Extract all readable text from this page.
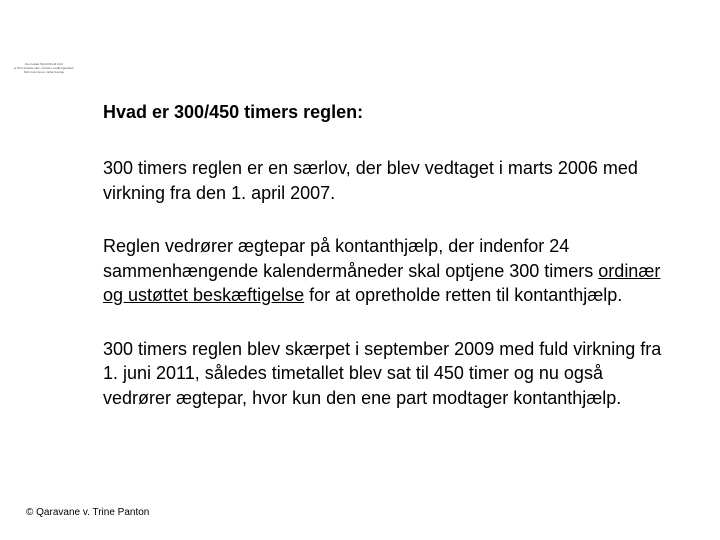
Den lokale Skyld Rundt Fyld
er PF3-indsats eller i kvinder medborgerskab,
Skriv kommune i delta Sverige

Hvad er 300/450 timers reglen:

300 timers reglen er en særlov, der blev vedtaget i marts 2006 med virkning fra den 1. april 2007.

Reglen vedrører ægtepar på kontanthjælp, der indenfor 24 sammenhængende kalendermåneder skal optjene 300 timers ordinær og ustøttet beskæftigelse for at opretholde retten til kontanthjælp.

300 timers reglen blev skærpet i september 2009 med fuld virkning fra 1. juni 2011, således timetallet blev sat til 450 timer og nu også vedrører ægtepar, hvor kun den ene part modtager kontanthjælp.

© Qaravane v. Trine Panton
